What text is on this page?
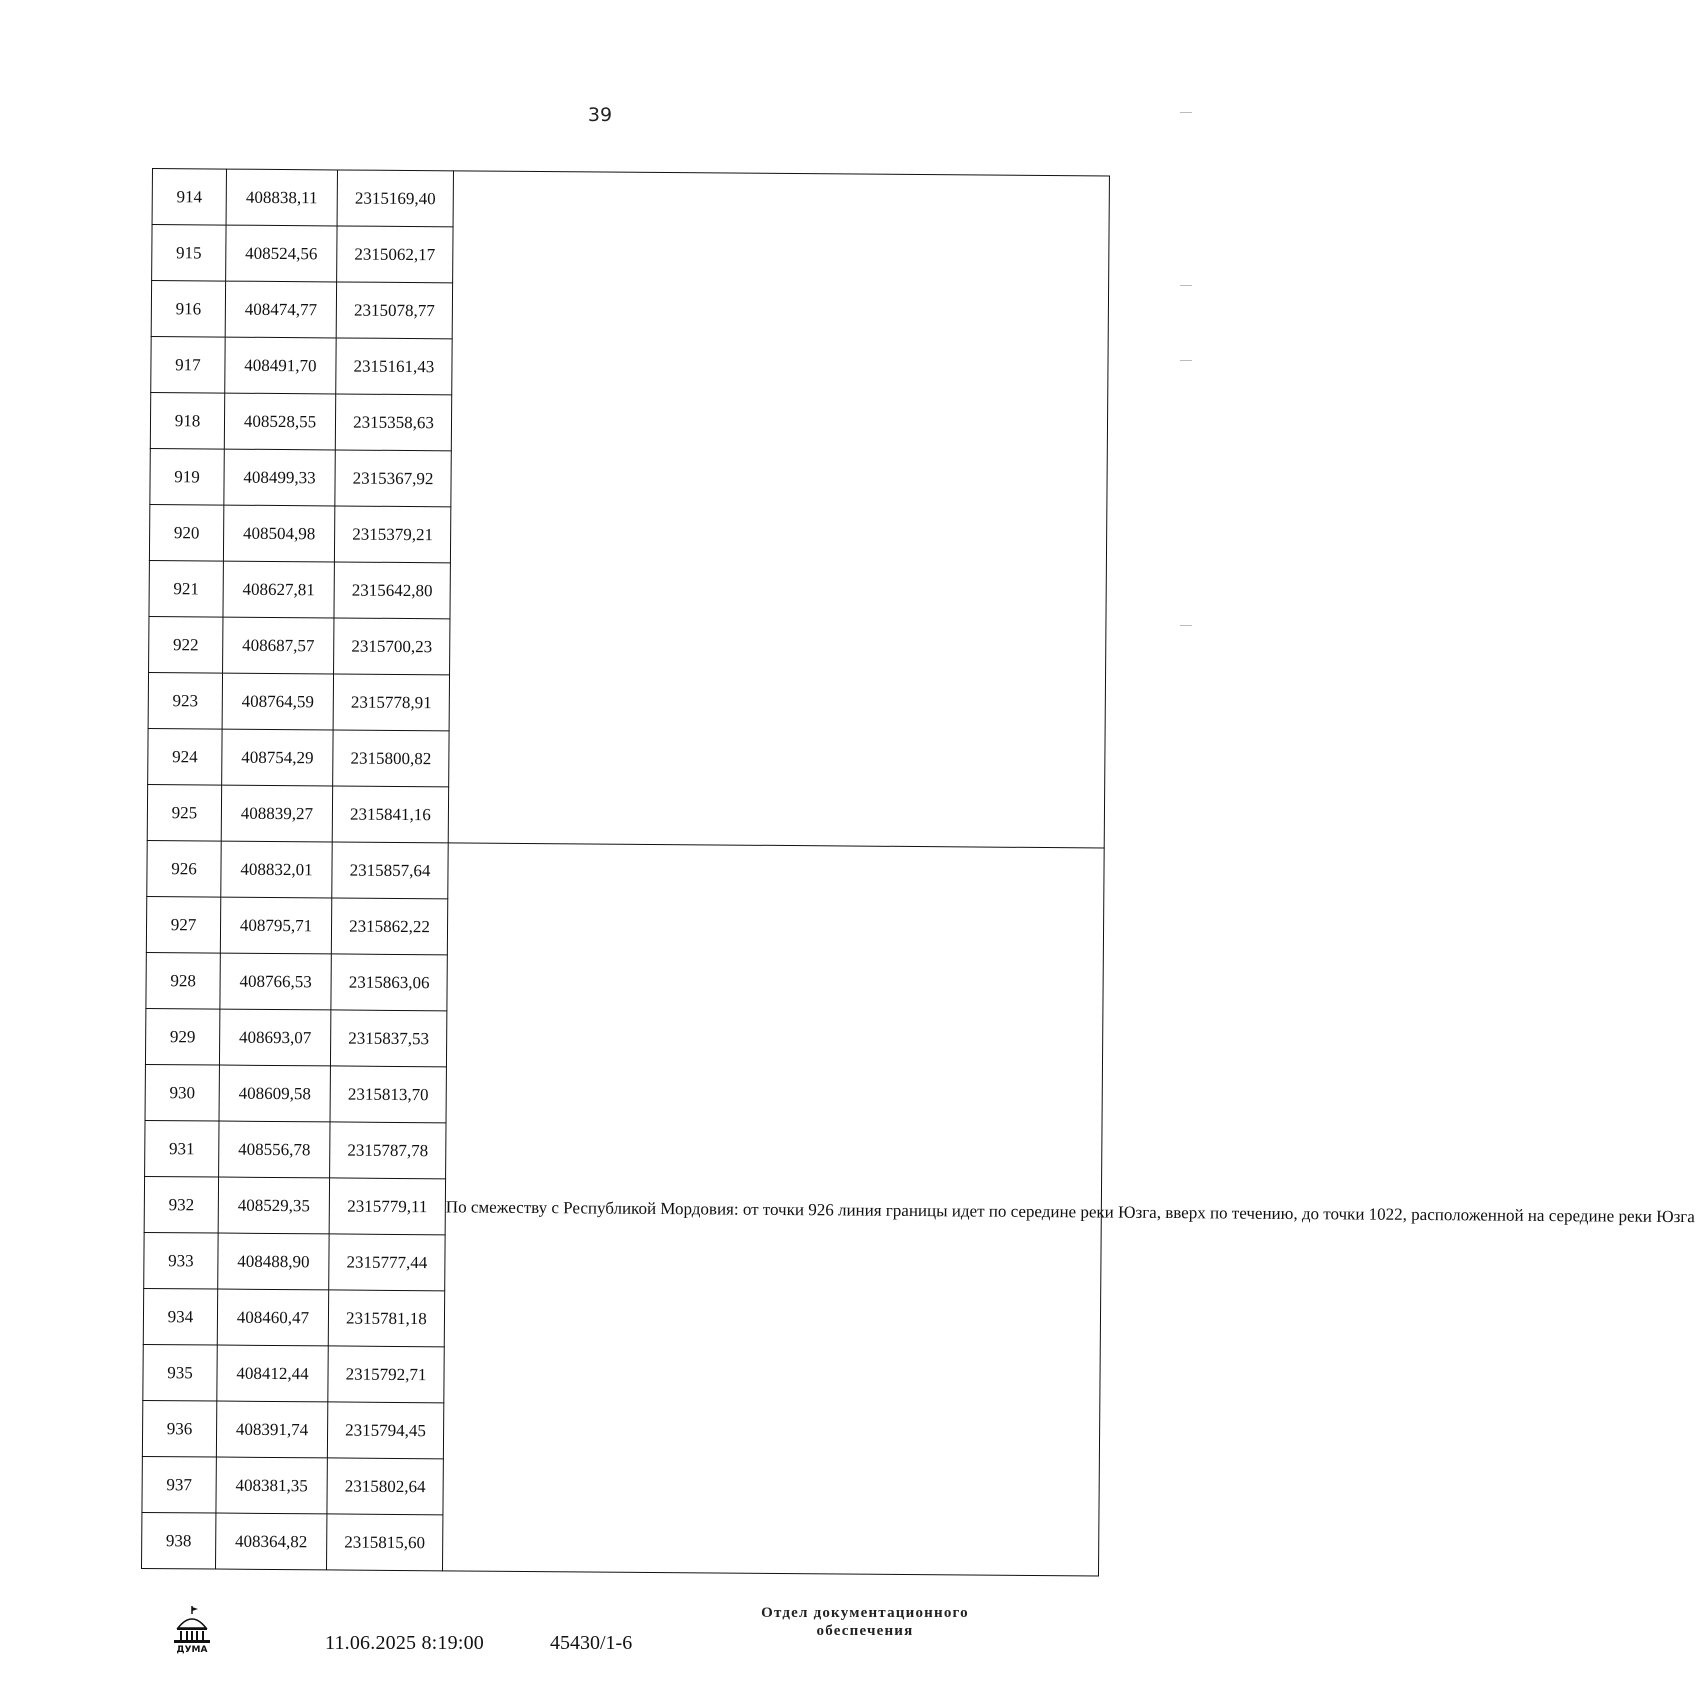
39
914	408838,11	2315169,40	
915	408524,56	2315062,17	
916	408474,77	2315078,77	
917	408491,70	2315161,43	
918	408528,55	2315358,63	
919	408499,33	2315367,92	
920	408504,98	2315379,21	
921	408627,81	2315642,80	
922	408687,57	2315700,23	
923	408764,59	2315778,91	
924	408754,29	2315800,82	
925	408839,27	2315841,16	
926	408832,01	2315857,64	По смежеству с Республикой Мордовия: от точки 926 линия границы идет по середине реки Юзга, вверх по течению, до точки 1022, расположенной на середине реки Юзга
927	408795,71	2315862,22	
928	408766,53	2315863,06	
929	408693,07	2315837,53	
930	408609,58	2315813,70	
931	408556,78	2315787,78	
932	408529,35	2315779,11	
933	408488,90	2315777,44	
934	408460,47	2315781,18	
935	408412,44	2315792,71	
936	408391,74	2315794,45	
937	408381,35	2315802,64	
938	408364,82	2315815,60	
ДУМА	11.06.2025 8:19:00	45430/1-6
Отдел документационного
обеспечения
